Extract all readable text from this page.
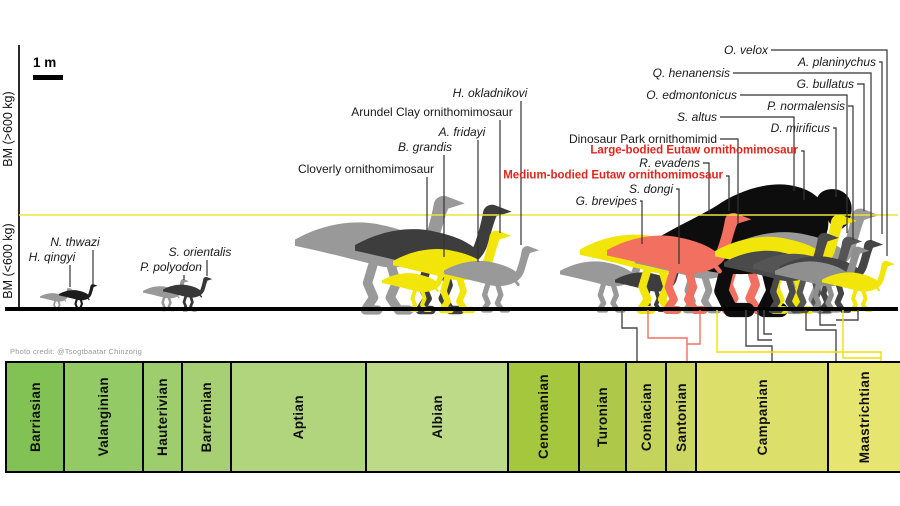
1 m
BM (>600 kg)
BM (<600 kg)
Photo credit: @Tsogtbaatar Chinzorig
Barriasian	Valanginian	Hauterivian Barremian	Aptian	Albian	Cenomanian	Turonian Coniacian Santonian	Campanian	Maastrichtian
O. velox
A. planinychus
Q. henanensis
G. bullatus
O. edmontonicus
P. normalensis
S. altus
D. mirificus
Dinosaur Park ornithomimid
Large-bodied Eutaw ornithomimosaur
R. evadens
Medium-bodied Eutaw ornithomimosaur
S. dongi
G. brevipes
H. okladnikovi
Arundel Clay ornithomimosaur
A. fridayi
B. grandis
Cloverly ornithomimosaur
N. thwazi
H. qingyi	S. orientalis
P. polyodon
